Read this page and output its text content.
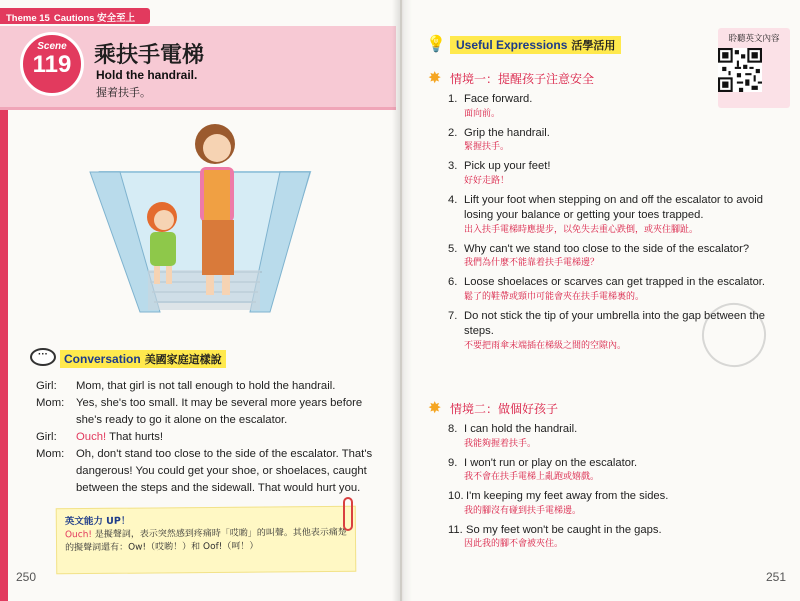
Theme 15 Cautions 安全至上
Scene
119	乘扶手電梯
Hold the handrail.
握着扶手。
···	Conversation 美國家庭這樣說
Girl:	Mom, that girl is not tall enough to hold the handrail.
Mom:	Yes, she's too small. It may be several more years before she's ready to go it alone on the escalator.
Girl:	Ouch! That hurts!
Mom:	Oh, don't stand too close to the side of the escalator. That's dangerous! You could get your shoe, or shoelaces, caught between the steps and the sidewall. That would hurt you.
英文能力 UP！
Ouch! 是擬聲詞，表示突然感到疼痛時「哎喲」的叫聲。其他表示痛楚的擬聲詞還有：Ow!（哎喲！）和 Oof!（呵！）
250
💡 Useful Expressions 活學活用	聆聽英文內容
✸ 情境一：提醒孩子注意安全
1. Face forward.
面向前。
2. Grip the handrail.
緊握扶手。
3. Pick up your feet!
好好走路！
4. Lift your foot when stepping on and off the escalator to avoid losing your balance or getting your toes trapped.
出入扶手電梯時應提步，以免失去重心跌倒，或夾住腳趾。
5. Why can't we stand too close to the side of the escalator?
我們為什麼不能靠着扶手電梯邊？
6. Loose shoelaces or scarves can get trapped in the escalator.
鬆了的鞋帶或頸巾可能會夾在扶手電梯裏的。
7. Do not stick the tip of your umbrella into the gap between the steps.
不要把雨傘末端插在梯級之間的空隙內。
✸ 情境二：做個好孩子
8. I can hold the handrail.
我能夠握着扶手。
9. I won't run or play on the escalator.
我不會在扶手電梯上亂跑或嬉戲。
10. I'm keeping my feet away from the sides.
我的腳沒有碰到扶手電梯邊。
11. So my feet won't be caught in the gaps.
因此我的腳不會被夾住。
251
